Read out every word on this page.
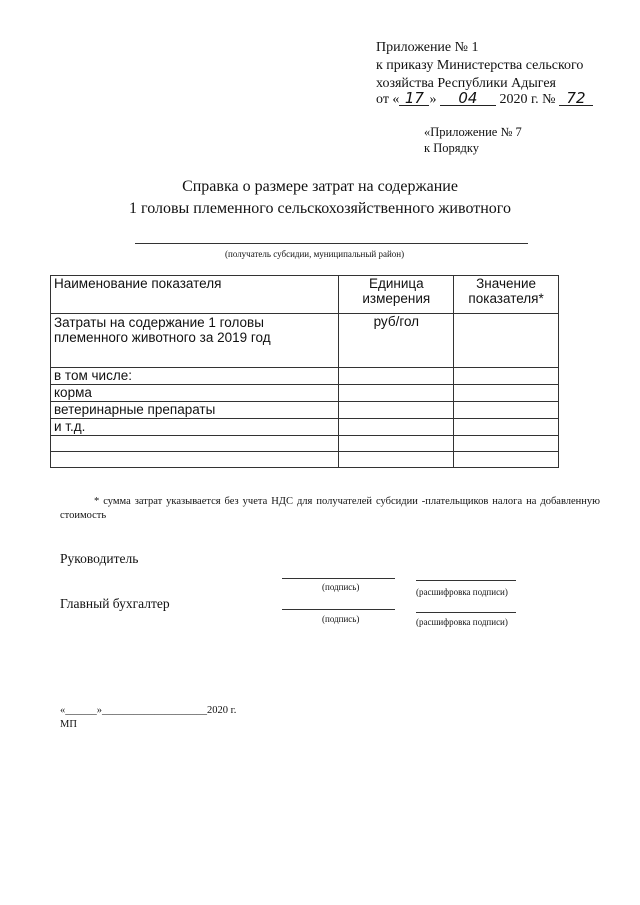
Приложение № 1
к приказу Министерства сельского
хозяйства Республики Адыгея
от « 17 » 04 2020 г. № 72
«Приложение № 7
к Порядку
Справка о размере затрат на содержание
1 головы племенного сельскохозяйственного животного
(получатель субсидии, муниципальный район)
Наименование показателя	Единица измерения	Значение показателя*
Затраты на содержание 1 головы племенного животного за 2019 год	руб/гол	
в том числе:		
корма		
ветеринарные препараты		
и т.д.		

* сумма затрат указывается без учета НДС для получателей субсидии -плательщиков налога на добавленную стоимость
Руководитель
(подпись)	(расшифровка подписи)
Главный бухгалтер
(подпись)	(расшифровка подписи)
«______»____________________2020 г.
МП
